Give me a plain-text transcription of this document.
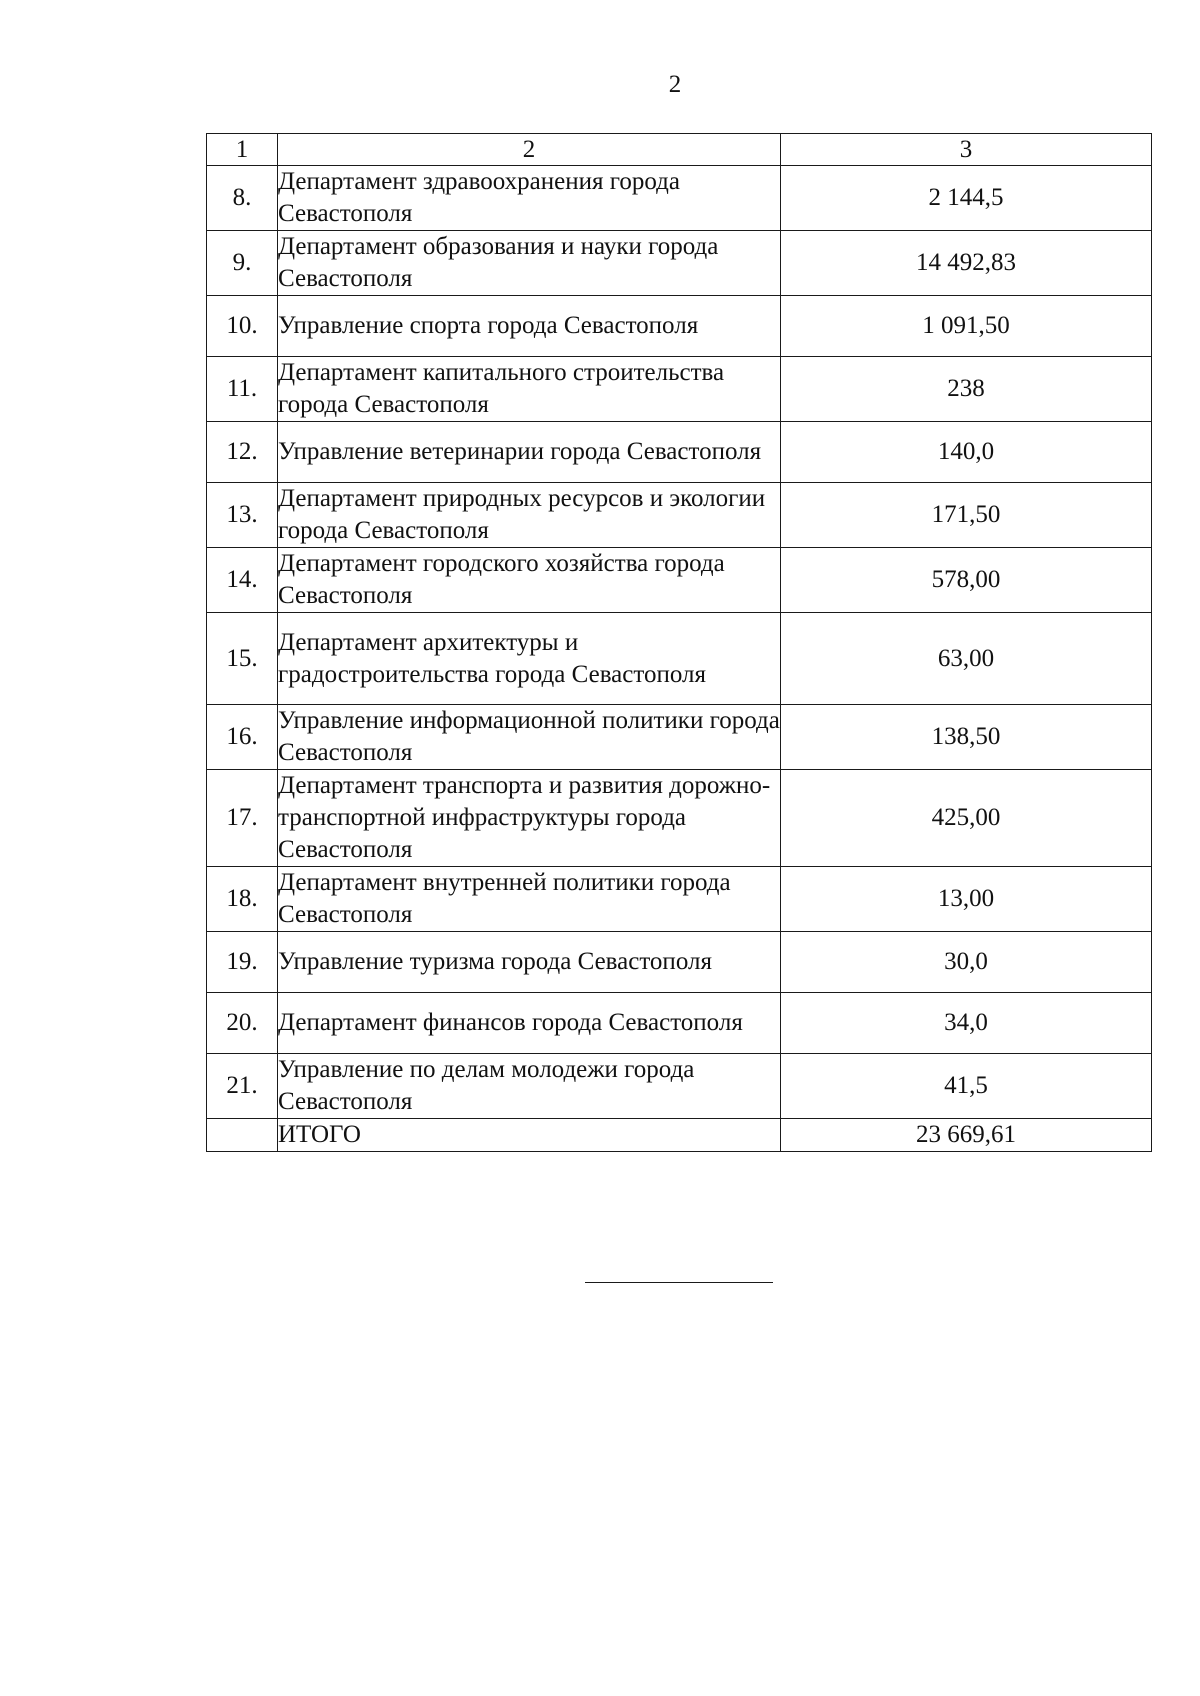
2
1	2	3
8.	Департамент здравоохранения города Севастополя	2 144,5
9.	Департамент образования и науки города Севастополя	14 492,83
10.	Управление спорта города Севастополя	1 091,50
11.	Департамент капитального строительства города Севастополя	238
12.	Управление ветеринарии города Севастополя	140,0
13.	Департамент природных ресурсов и экологии города Севастополя	171,50
14.	Департамент городского хозяйства города Севастополя	578,00
15.	Департамент архитектуры и градостроительства города Севастополя	63,00
16.	Управление информационной политики города Севастополя	138,50
17.	Департамент транспорта и развития дорожно-транспортной инфраструктуры города Севастополя	425,00
18.	Департамент внутренней политики города Севастополя	13,00
19.	Управление туризма города Севастополя	30,0
20.	Департамент финансов города Севастополя	34,0
21.	Управление по делам молодежи города Севастополя	41,5
	ИТОГО	23 669,61
